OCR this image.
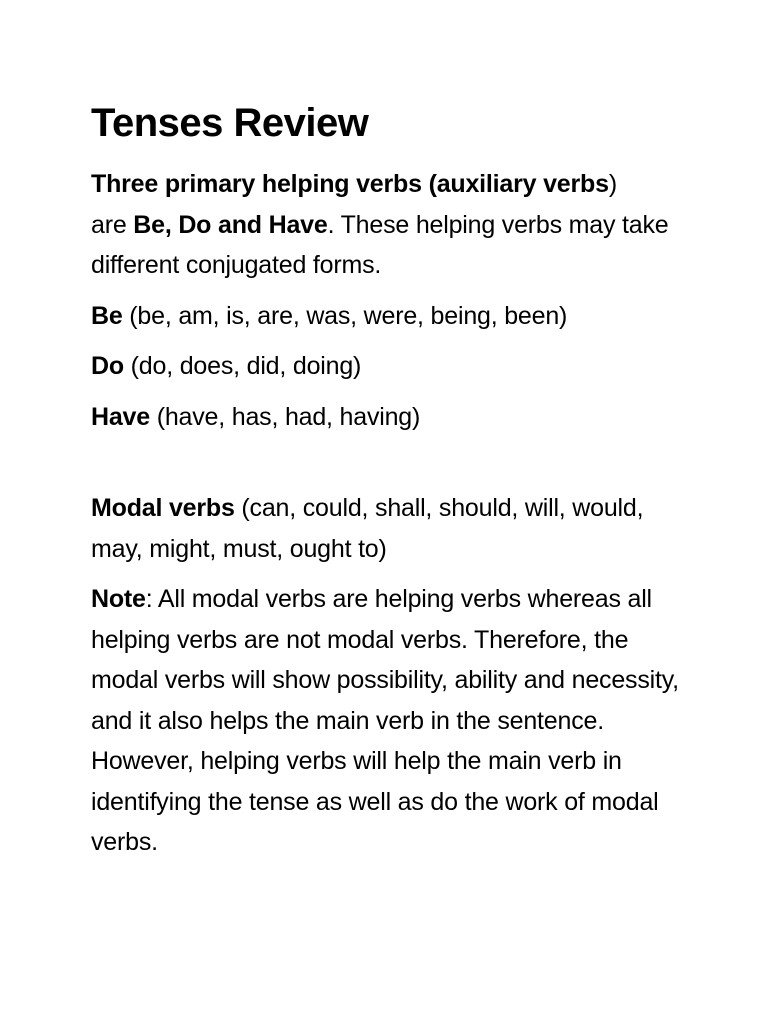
Tenses Review

Three primary helping verbs (auxiliary verbs)
are Be, Do and Have. These helping verbs may take different conjugated forms.

Be (be, am, is, are, was, were, being, been)

Do (do, does, did, doing)

Have (have, has, had, having)

Modal verbs (can, could, shall, should, will, would, may, might, must, ought to)

Note: All modal verbs are helping verbs whereas all helping verbs are not modal verbs. Therefore, the modal verbs will show possibility, ability and necessity, and it also helps the main verb in the sentence. However, helping verbs will help the main verb in identifying the tense as well as do the work of modal verbs.
